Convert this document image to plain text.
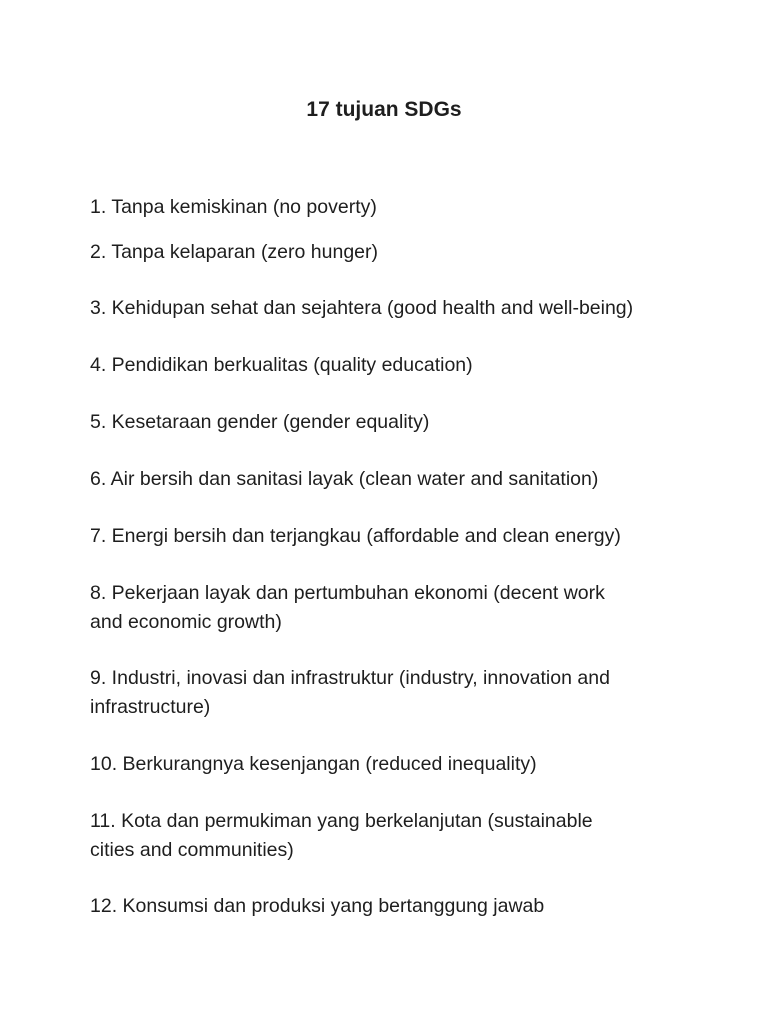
17 tujuan SDGs
1. Tanpa kemiskinan (no poverty)
2. Tanpa kelaparan (zero hunger)
3. Kehidupan sehat dan sejahtera (good health and well-being)
4. Pendidikan berkualitas (quality education)
5. Kesetaraan gender (gender equality)
6. Air bersih dan sanitasi layak (clean water and sanitation)
7. Energi bersih dan terjangkau (affordable and clean energy)
8. Pekerjaan layak dan pertumbuhan ekonomi (decent work
and economic growth)
9. Industri, inovasi dan infrastruktur (industry, innovation and
infrastructure)
10. Berkurangnya kesenjangan (reduced inequality)
11. Kota dan permukiman yang berkelanjutan (sustainable
cities and communities)
12. Konsumsi dan produksi yang bertanggung jawab
